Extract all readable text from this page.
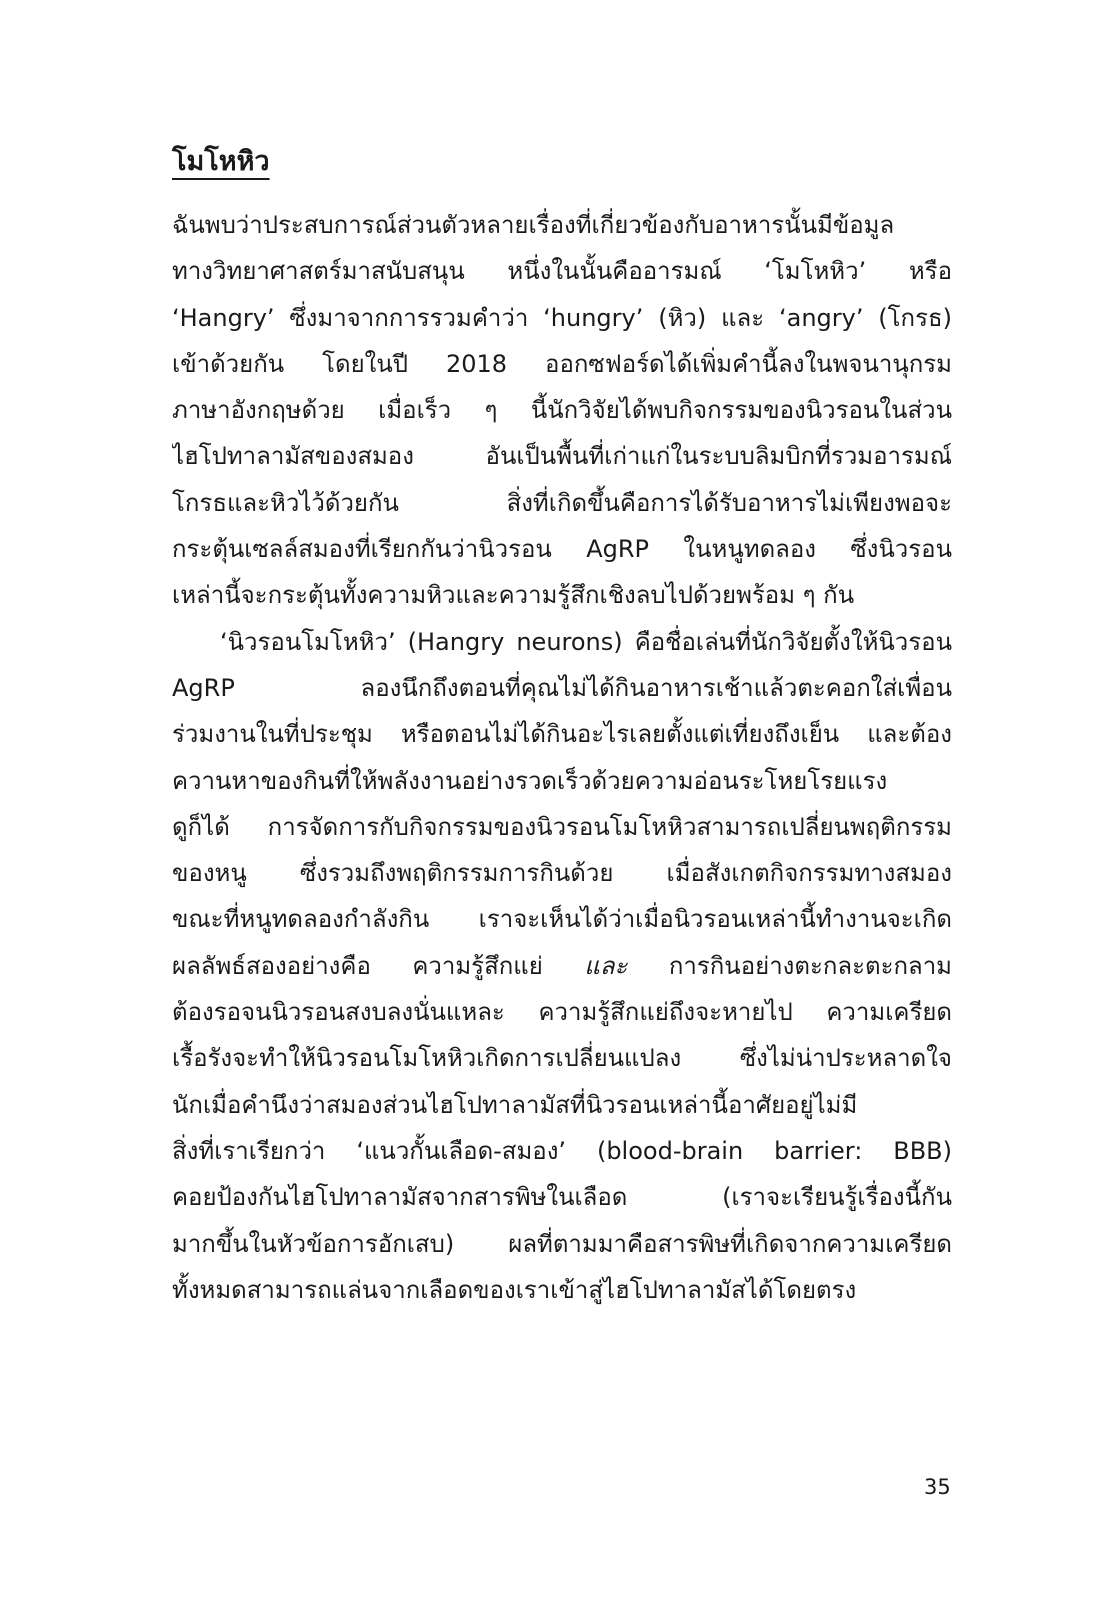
โมโหหิว
ฉันพบว่าประสบการณ์ส่วนตัวหลายเรื่องที่เกี่ยวข้องกับอาหารนั้นมีข้อมูล
ทางวิทยาศาสตร์มาสนับสนุน หนึ่งในนั้นคืออารมณ์ ‘โมโหหิว’ หรือ
‘Hangry’ ซึ่งมาจากการรวมคำว่า ‘hungry’ (หิว) และ ‘angry’ (โกรธ)
เข้าด้วยกัน โดยในปี 2018 ออกซฟอร์ดได้เพิ่มคำนี้ลงในพจนานุกรม
ภาษาอังกฤษด้วย เมื่อเร็ว ๆ นี้นักวิจัยได้พบกิจกรรมของนิวรอนในส่วน
ไฮโปทาลามัสของสมอง อันเป็นพื้นที่เก่าแก่ในระบบลิมบิกที่รวมอารมณ์
โกรธและหิวไว้ด้วยกัน สิ่งที่เกิดขึ้นคือการได้รับอาหารไม่เพียงพอจะ
กระตุ้นเซลล์สมองที่เรียกกันว่านิวรอน AgRP ในหนูทดลอง ซึ่งนิวรอน
เหล่านี้จะกระตุ้นทั้งความหิวและความรู้สึกเชิงลบไปด้วยพร้อม ๆ กัน
‘นิวรอนโมโหหิว’ (Hangry neurons) คือชื่อเล่นที่นักวิจัยตั้งให้นิวรอน
AgRP ลองนึกถึงตอนที่คุณไม่ได้กินอาหารเช้าแล้วตะคอกใส่เพื่อน
ร่วมงานในที่ประชุม หรือตอนไม่ได้กินอะไรเลยตั้งแต่เที่ยงถึงเย็น และต้อง
ควานหาของกินที่ให้พลังงานอย่างรวดเร็วด้วยความอ่อนระโหยโรยแรง
ดูก็ได้ การจัดการกับกิจกรรมของนิวรอนโมโหหิวสามารถเปลี่ยนพฤติกรรม
ของหนู ซึ่งรวมถึงพฤติกรรมการกินด้วย เมื่อสังเกตกิจกรรมทางสมอง
ขณะที่หนูทดลองกำลังกิน เราจะเห็นได้ว่าเมื่อนิวรอนเหล่านี้ทำงานจะเกิด
ผลลัพธ์สองอย่างคือ ความรู้สึกแย่ และ การกินอย่างตะกละตะกลาม
ต้องรอจนนิวรอนสงบลงนั่นแหละ ความรู้สึกแย่ถึงจะหายไป ความเครียด
เรื้อรังจะทำให้นิวรอนโมโหหิวเกิดการเปลี่ยนแปลง ซึ่งไม่น่าประหลาดใจ
นักเมื่อคำนึงว่าสมองส่วนไฮโปทาลามัสที่นิวรอนเหล่านี้อาศัยอยู่ไม่มี
สิ่งที่เราเรียกว่า ‘แนวกั้นเลือด-สมอง’ (blood-brain barrier: BBB)
คอยป้องกันไฮโปทาลามัสจากสารพิษในเลือด (เราจะเรียนรู้เรื่องนี้กัน
มากขึ้นในหัวข้อการอักเสบ) ผลที่ตามมาคือสารพิษที่เกิดจากความเครียด
ทั้งหมดสามารถแล่นจากเลือดของเราเข้าสู่ไฮโปทาลามัสได้โดยตรง

35
